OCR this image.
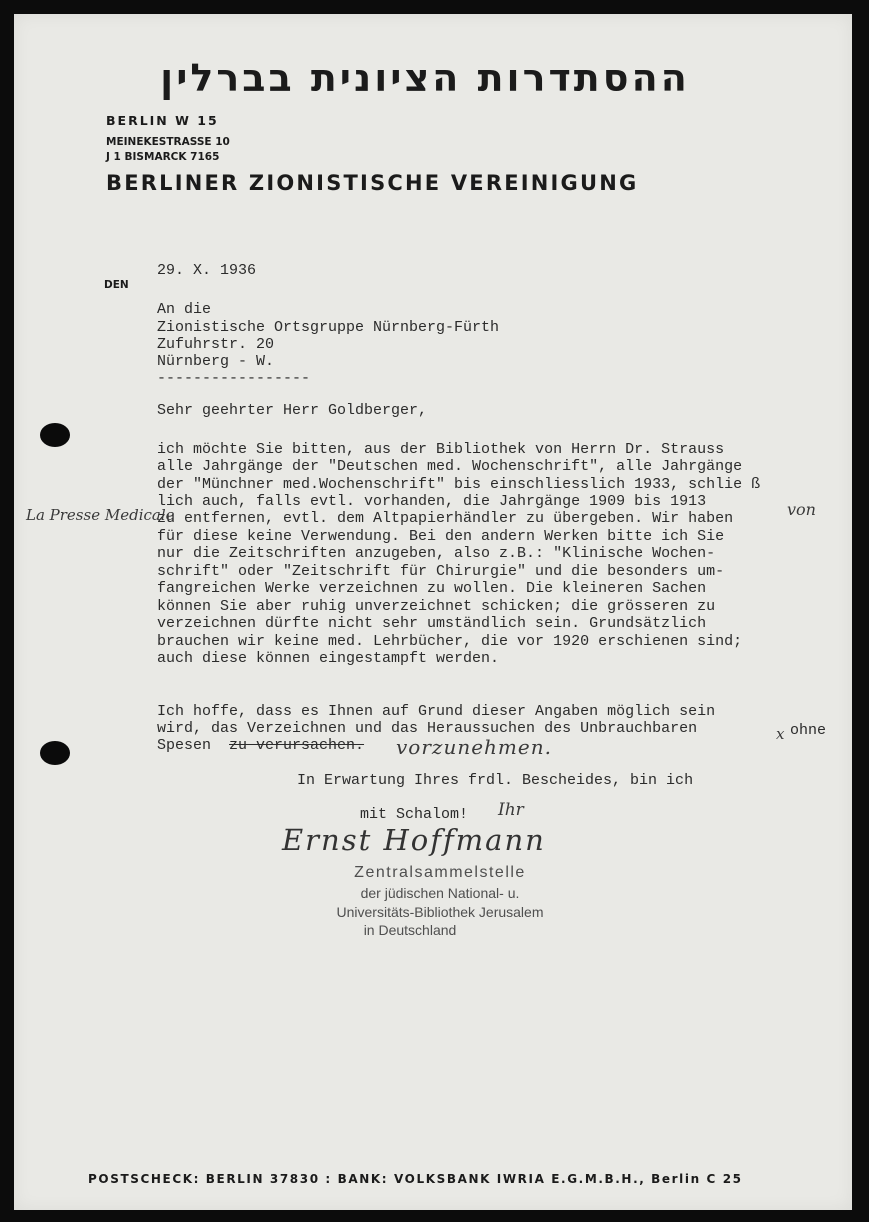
ההסתדרות הציונית בברלין
BERLIN W 15
MEINEKESTRASSE 10
J 1 BISMARCK 7165
BERLINER ZIONISTISCHE VEREINIGUNG
DEN
29. X. 1936
An die
Zionistische Ortsgruppe Nürnberg-Fürth
Zufuhrstr. 20
Nürnberg - W.
-----------------
Sehr geehrter Herr Goldberger,
ich möchte Sie bitten, aus der Bibliothek von Herrn Dr. Strauss
alle Jahrgänge der "Deutschen med. Wochenschrift", alle Jahrgänge
der "Münchner med.Wochenschrift" bis einschliesslich 1933, schlie ß
lich auch, falls evtl. vorhanden, die Jahrgänge 1909 bis 1913
zu entfernen, evtl. dem Altpapierhändler zu übergeben. Wir haben
für diese keine Verwendung. Bei den andern Werken bitte ich Sie
nur die Zeitschriften anzugeben, also z.B.: "Klinische Wochen-
schrift" oder "Zeitschrift für Chirurgie" und die besonders um-
fangreichen Werke verzeichnen zu wollen. Die kleineren Sachen
können Sie aber ruhig unverzeichnet schicken; die grösseren zu
verzeichnen dürfte nicht sehr umständlich sein. Grundsätzlich
brauchen wir keine med. Lehrbücher, die vor 1920 erschienen sind;
auch diese können eingestampft werden.
Ich hoffe, dass es Ihnen auf Grund dieser Angaben möglich sein
wird, das Verzeichnen und das Heraussuchen des Unbrauchbaren	ohne
Spesen zu verursachen.
In Erwartung Ihres frdl. Bescheides, bin ich
mit Schalom!
La Presse Medicale	von
vorzunehmen.
x
Ihr
Ernst Hoffmann
Zentralsammelstelle
der jüdischen National- u.
Universitäts-Bibliothek Jerusalem
in Deutschland
POSTSCHECK: BERLIN 37830 : BANK: VOLKSBANK IWRIA E.G.M.B.H., Berlin C 25
